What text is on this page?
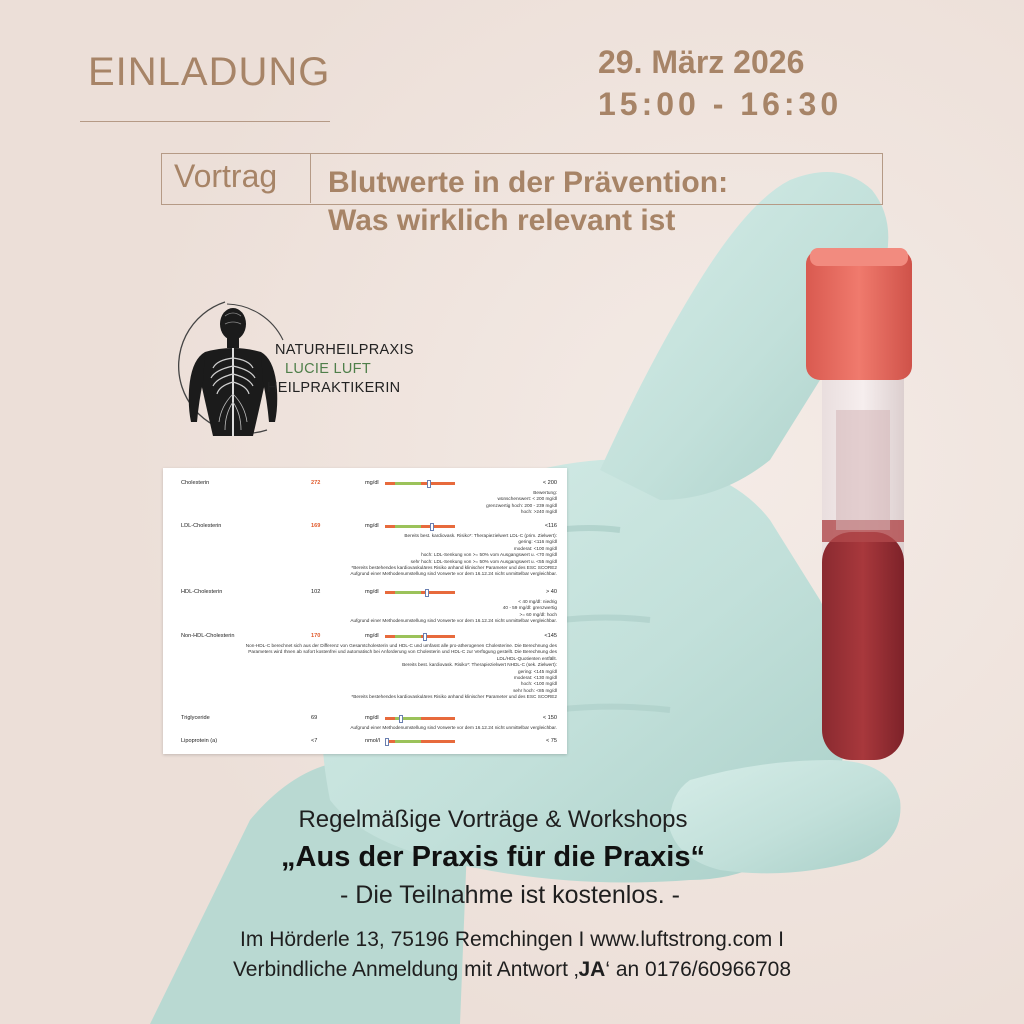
EINLADUNG	29. März 2026

15:00 - 16:30

Vortrag Blutwerte in der Prävention:

Was wirklich relevant ist

NATURHEILPRAXIS
LUCIE LUFT
HEILPRAKTIKERIN
Cholesterin	272	mg/dl	< 200
Bewertung:
wünschenswert: < 200 mg/dl
grenzwertig hoch: 200 - 239 mg/dl
hoch: >240 mg/dl
LDL-Cholesterin	169	mg/dl	<116
Bereits best. kardiovask. Risiko*: Therapiezielwert LDL-C (prim. Zielwert):
gering: <116 mg/dl
moderat: <100 mg/dl
hoch: LDL-Senkung von >= 50% vom Ausgangswert u. <70 mg/dl
sehr hoch: LDL-Senkung von >= 50% vom Ausgangswert u. <55 mg/dl
*Bereits bestehendes kardiovaskuläres Risiko anhand klinischer Parameter und des ESC SCORE2
Aufgrund einer Methodenumstellung sind Vorwerte vor dem 16.12.24 nicht unmittelbar vergleichbar.
HDL-Cholesterin	102	mg/dl	> 40
< 40 mg/dl: niedrig
40 - 59 mg/dl: grenzwertig
>= 60 mg/dl: hoch
Aufgrund einer Methodenumstellung sind Vorwerte vor dem 16.12.24 nicht unmittelbar vergleichbar.
Non-HDL-Cholesterin	170	mg/dl	<145
Non-HDL-C berechnet sich aus der Differenz von Gesamtcholesterin und HDL-C und umfasst alle pro-atherogenen Cholesterine. Die Berechnung des
Parameters wird Ihnen ab sofort kostenfrei und automatisch bei Anforderung von Cholesterin und HDL-C zur Verfügung gestellt. Die Berechnung des
LDL/HDL-Quotienten entfällt.
Bereits best. kardiovask. Risiko*: Therapiezielwert NHDL-C (sek. Zielwert):
gering: <145 mg/dl
moderat: <130 mg/dl
hoch: <100 mg/dl
sehr hoch: <85 mg/dl
*Bereits bestehendes kardiovaskuläres Risiko anhand klinischer Parameter und des ESC SCORE2
Triglyceride	69	mg/dl	< 150
Aufgrund einer Methodenumstellung sind Vorwerte vor dem 16.12.24 nicht unmittelbar vergleichbar.
Lipoprotein (a)	<7	nmol/l	< 75

Regelmäßige Vorträge & Workshops

„Aus der Praxis für die Praxis“

- Die Teilnahme ist kostenlos. -

Im Hörderle 13, 75196 Remchingen I www.luftstrong.com I

Verbindliche Anmeldung mit Antwort ‚JA‘ an 0176/60966708
